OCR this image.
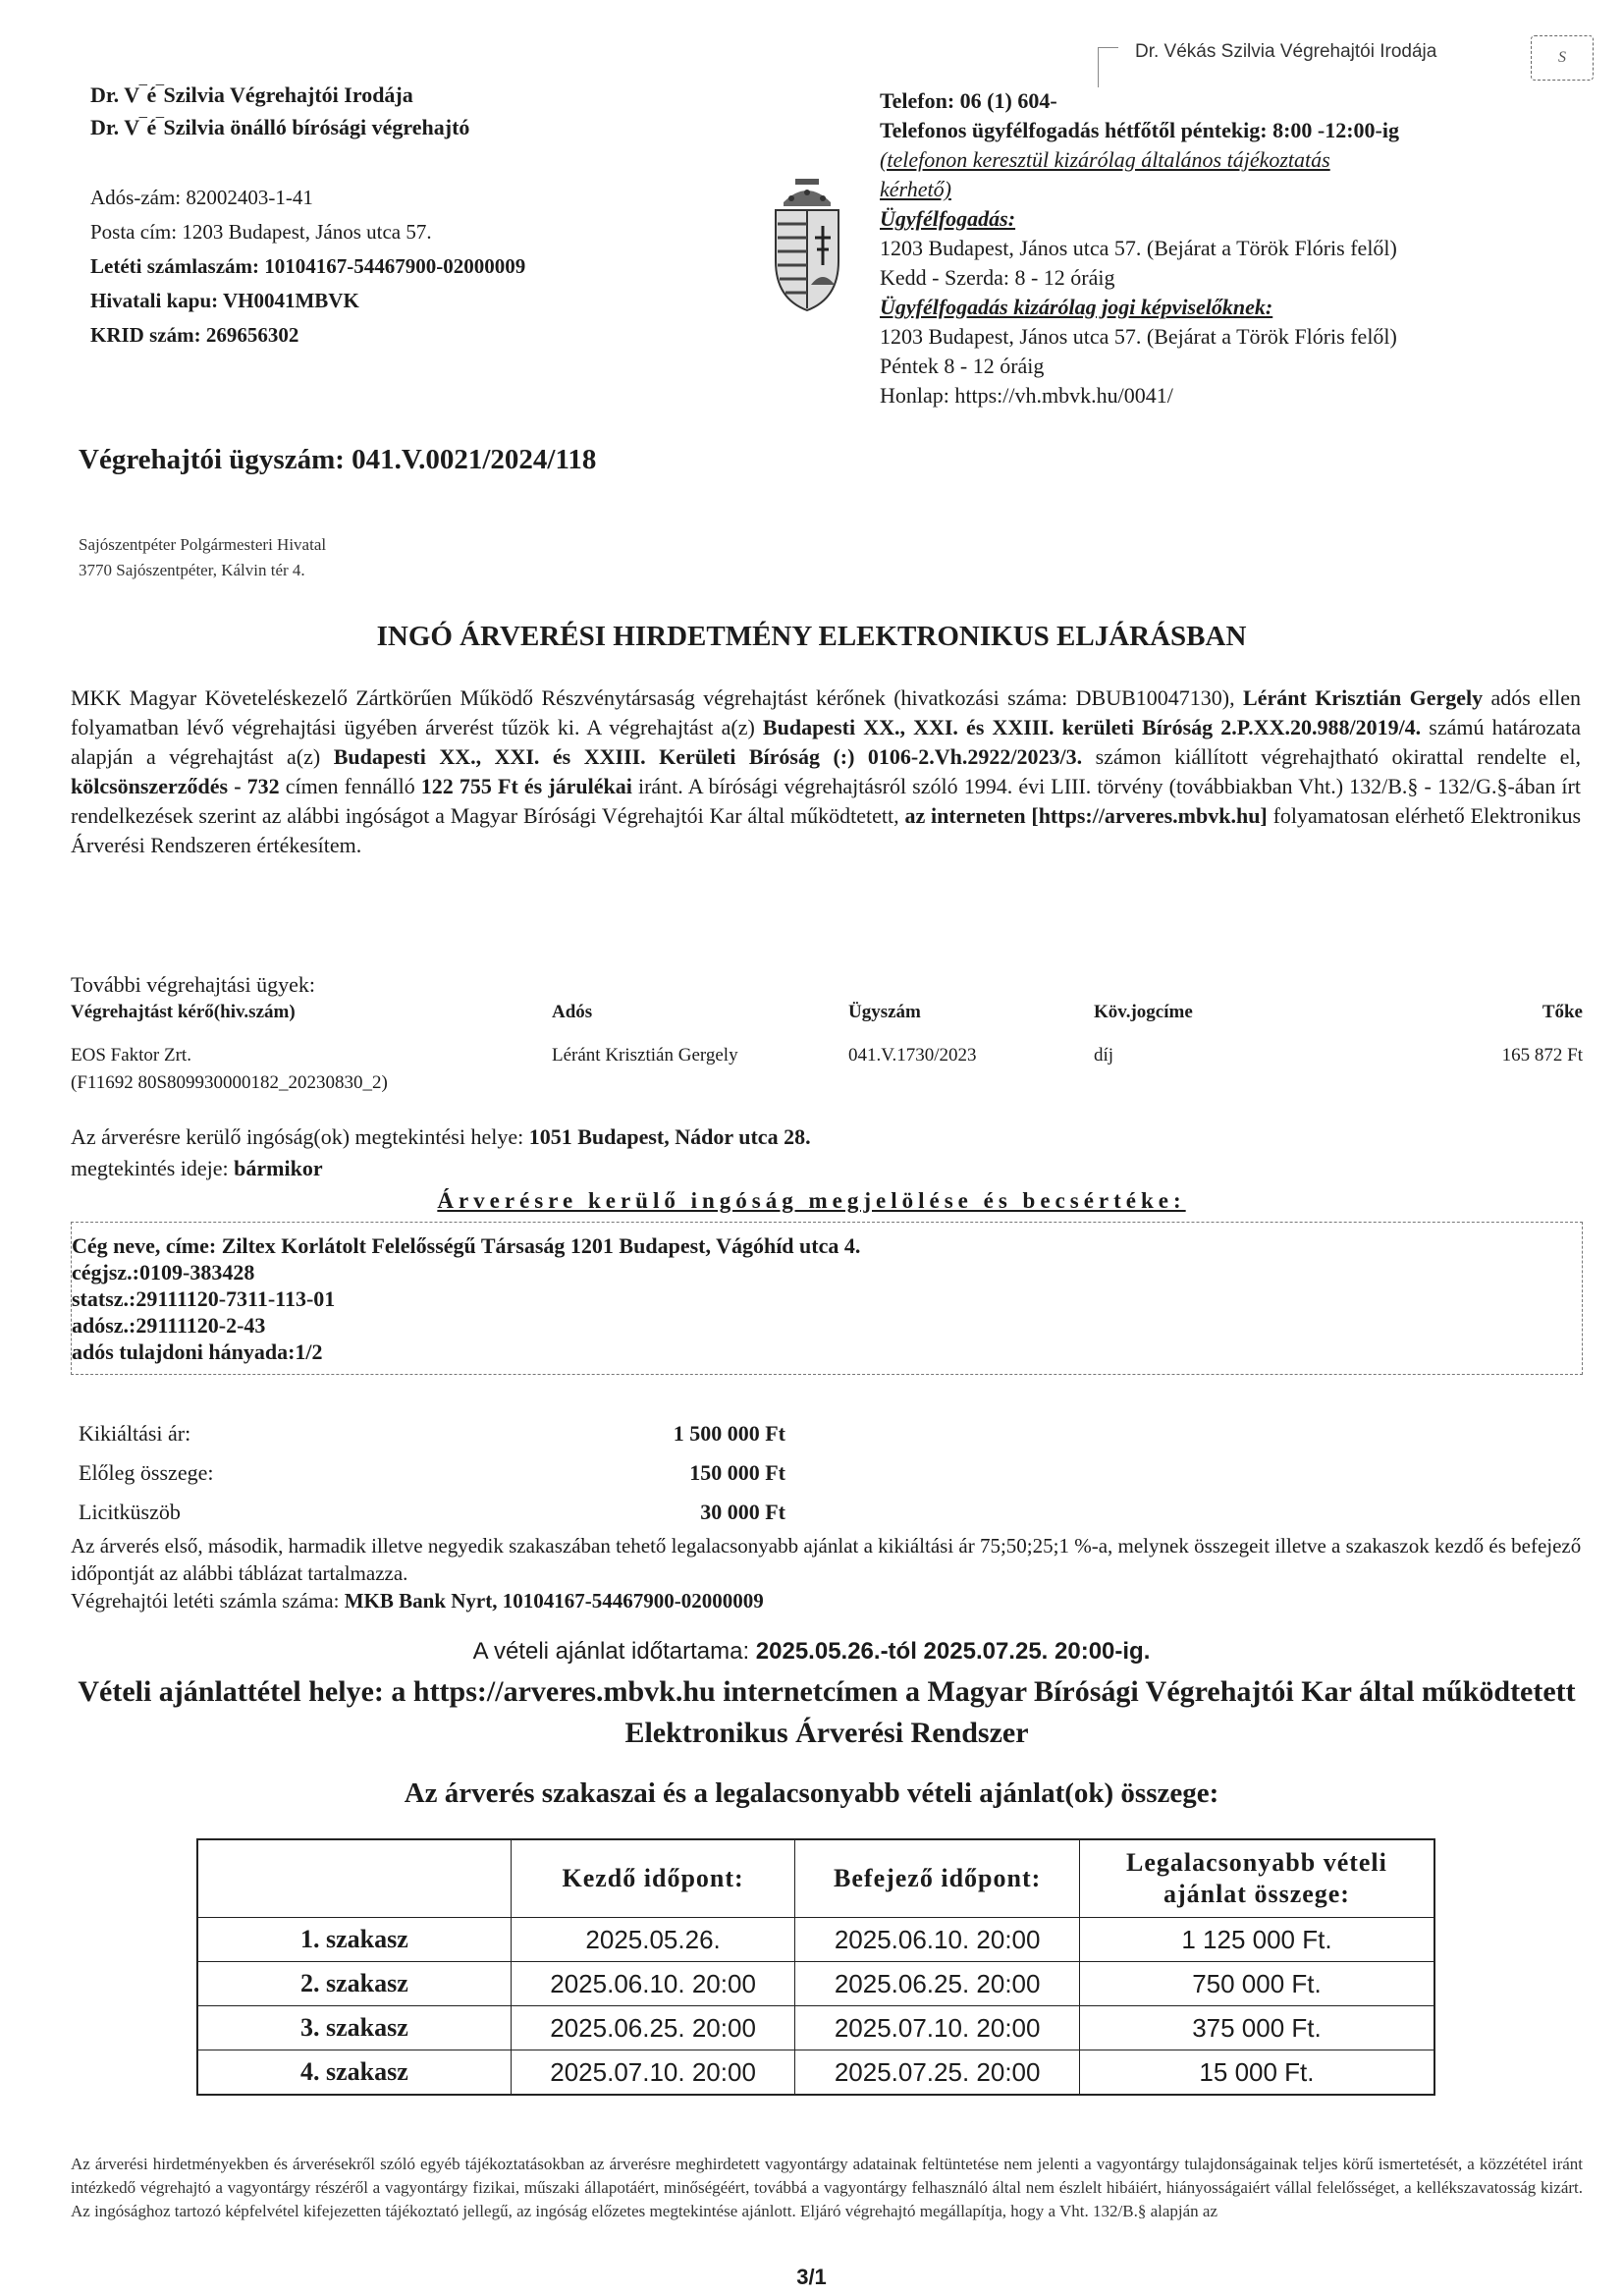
Dr. Vékás Szilvia Végrehajtói Irodája	S
Dr. V‾é‾Szilvia Végrehajtói Irodája
Dr. V‾é‾Szilvia önálló bírósági végrehajtó
Adós‑zám: 82002403-1-41
Posta cím: 1203 Budapest, János utca 57.
Letéti számlaszám: 10104167-54467900-02000009
Hivatali kapu: VH0041MBVK
KRID szám: 269656302
Telefon: 06 (1) 604-
Telefonos ügyfélfogadás hétfőtől péntekig: 8:00 -12:00-ig
(telefonon keresztül kizárólag általános tájékoztatás
kérhető)
Ügyfélfogadás:
1203 Budapest, János utca 57. (Bejárat a Török Flóris felől)
Kedd - Szerda: 8 - 12 óráig
Ügyfélfogadás kizárólag jogi képviselőknek:
1203 Budapest, János utca 57. (Bejárat a Török Flóris felől)
Péntek 8 - 12 óráig
Honlap: https://vh.mbvk.hu/0041/
Végrehajtói ügyszám: 041.V.0021/2024/118
Sajószentpéter Polgármesteri Hivatal
3770 Sajószentpéter, Kálvin tér 4.
INGÓ ÁRVERÉSI HIRDETMÉNY ELEKTRONIKUS ELJÁRÁSBAN
MKK Magyar Követeléskezelő Zártkörűen Működő Részvénytársaság végrehajtást kérőnek (hivatkozási száma: DBUB10047130), Léránt Krisztián Gergely adós ellen folyamatban lévő végrehajtási ügyében árverést tűzök ki. A végrehajtást a(z) Budapesti XX., XXI. és XXIII. kerületi Bíróság 2.P.XX.20.988/2019/4. számú határozata alapján a végrehajtást a(z) Budapesti XX., XXI. és XXIII. Kerületi Bíróság (:) 0106-2.Vh.2922/2023/3. számon kiállított végrehajtható okirattal rendelte el, kölcsönszerződés - 732 címen fennálló 122 755 Ft és járulékai iránt. A bírósági végrehajtásról szóló 1994. évi LIII. törvény (továbbiakban Vht.) 132/B.§ - 132/G.§-ában írt rendelkezések szerint az alábbi ingóságot a Magyar Bírósági Végrehajtói Kar által működtetett, az interneten [https://arveres.mbvk.hu] folyamatosan elérhető Elektronikus Árverési Rendszeren értékesítem.
További végrehajtási ügyek:
Végrehajtást kérő(hiv.szám)	Adós	Ügyszám	Köv.jogcíme	Tőke
EOS Faktor Zrt.
(F11692 80S809930000182_20230830_2)
Léránt Krisztián Gergely	041.V.1730/2023	díj	165 872 Ft
Az árverésre kerülő ingóság(ok) megtekintési helye: 1051 Budapest, Nádor utca 28.
megtekintés ideje: bármikor
Árverésre kerülő ingóság megjelölése és becsértéke:
Cég neve, címe: Ziltex Korlátolt Felelősségű Társaság 1201 Budapest, Vágóhíd utca 4.
cégjsz.:0109-383428
statsz.:29111120-7311-113-01
adósz.:29111120-2-43
adós tulajdoni hányada:1/2
Kikiáltási ár:	1 500 000 Ft
Előleg összege:	150 000 Ft
Licitküszöb	30 000 Ft
Az árverés első, második, harmadik illetve negyedik szakaszában tehető legalacsonyabb ajánlat a kikiáltási ár 75;50;25;1 %-a, melynek összegeit illetve a szakaszok kezdő és befejező időpontját az alábbi táblázat tartalmazza.
Végrehajtói letéti számla száma: MKB Bank Nyrt, 10104167-54467900-02000009
A vételi ajánlat időtartama: 2025.05.26.-tól 2025.07.25. 20:00-ig.
Vételi ajánlattétel helye: a https://arveres.mbvk.hu internetcímen a Magyar Bírósági Végrehajtói Kar által működtetett Elektronikus Árverési Rendszer
Az árverés szakaszai és a legalacsonyabb vételi ajánlat(ok) összege:
	Kezdő időpont:	Befejező időpont:	Legalacsonyabb vételi ajánlat összege:
1. szakasz	2025.05.26.	2025.06.10. 20:00	1 125 000 Ft.
2. szakasz	2025.06.10. 20:00	2025.06.25. 20:00	750 000 Ft.
3. szakasz	2025.06.25. 20:00	2025.07.10. 20:00	375 000 Ft.
4. szakasz	2025.07.10. 20:00	2025.07.25. 20:00	15 000 Ft.
Az árverési hirdetményekben és árverésekről szóló egyéb tájékoztatásokban az árverésre meghirdetett vagyontárgy adatainak feltüntetése nem jelenti a vagyontárgy tulajdonságainak teljes körű ismertetését, a közzététel iránt intézkedő végrehajtó a vagyontárgy részéről a vagyontárgy fizikai, műszaki állapotáért, minőségéért, továbbá a vagyontárgy felhasználó által nem észlelt hibáiért, hiányosságaiért vállal felelősséget, a kellékszavatosság kizárt. Az ingósághoz tartozó képfelvétel kifejezetten tájékoztató jellegű, az ingóság előzetes megtekintése ajánlott. Eljáró végrehajtó megállapítja, hogy a Vht. 132/B.§ alapján az
3/1
